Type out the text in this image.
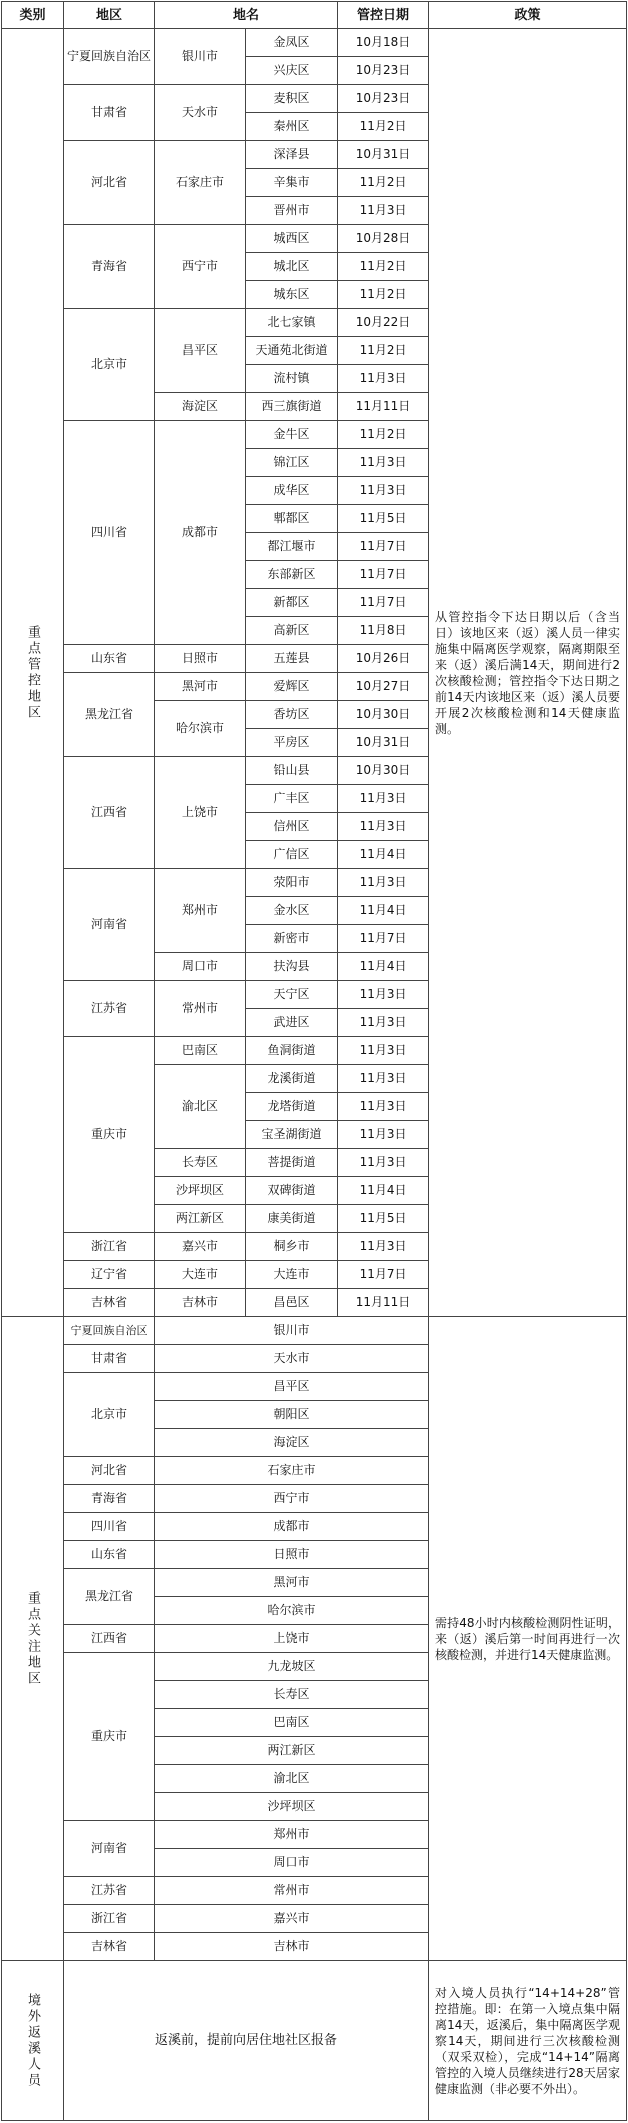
类别	地区	地名		管控日期	政策

重点管控地区	宁夏回族自治区	银川市	金凤区	10月18日	从管控指令下达日期以后（含当日）该地区来（返）溪人员一律实施集中隔离医学观察，隔离期限至来（返）溪后满14天，期间进行2次核酸检测；管控指令下达日期之前14天内该地区来（返）溪人员要开展2次核酸检测和14天健康监测。
			兴庆区	10月23日	
	甘肃省	天水市	麦积区	10月23日	
			秦州区	11月2日	
	河北省	石家庄市	深泽县	10月31日	
			辛集市	11月2日	
			晋州市	11月3日	
	青海省	西宁市	城西区	10月28日	
			城北区	11月2日	
			城东区	11月2日	
	北京市	昌平区	北七家镇	10月22日	
			天通苑北街道	11月2日	
			流村镇	11月3日	
		海淀区	西三旗街道	11月11日	
	四川省	成都市	金牛区	11月2日	
			锦江区	11月3日	
			成华区	11月3日	
			郫都区	11月5日	
			都江堰市	11月7日	
			东部新区	11月7日	
			新都区	11月7日	
			高新区	11月8日	
	山东省	日照市	五莲县	10月26日	
	黑龙江省	黑河市	爱辉区	10月27日	
		哈尔滨市	香坊区	10月30日	
			平房区	10月31日	
	江西省	上饶市	铅山县	10月30日	
			广丰区	11月3日	
			信州区	11月3日	
			广信区	11月4日	
	河南省	郑州市	荥阳市	11月3日	
			金水区	11月4日	
			新密市	11月7日	
		周口市	扶沟县	11月4日	
	江苏省	常州市	天宁区	11月3日	
			武进区	11月3日	
	重庆市	巴南区	鱼洞街道	11月3日	
		渝北区	龙溪街道	11月3日	
			龙塔街道	11月3日	
			宝圣湖街道	11月3日	
		长寿区	菩提街道	11月3日	
		沙坪坝区	双碑街道	11月4日	
		两江新区	康美街道	11月5日	
	浙江省	嘉兴市	桐乡市	11月3日	
	辽宁省	大连市	大连市	11月7日	
	吉林省	吉林市	昌邑区	11月11日	

重点关注地区	宁夏回族自治区	银川市			需持48小时内核酸检测阴性证明，来（返）溪后第一时间再进行一次核酸检测，并进行14天健康监测。
	甘肃省	天水市			
	北京市	昌平区			
		朝阳区			
		海淀区			
	河北省	石家庄市			
	青海省	西宁市			
	四川省	成都市			
	山东省	日照市			
	黑龙江省	黑河市			
		哈尔滨市			
	江西省	上饶市			
	重庆市	九龙坡区			
		长寿区			
		巴南区			
		两江新区			
		渝北区			
		沙坪坝区			
	河南省	郑州市			
		周口市			
	江苏省	常州市			
	浙江省	嘉兴市			
	吉林省	吉林市			

境外返溪人员	返溪前，提前向居住地社区报备				对入境人员执行“14+14+28”管控措施。即：在第一入境点集中隔离14天，返溪后，集中隔离医学观察14天，期间进行三次核酸检测（双采双检），完成“14+14”隔离管控的入境人员继续进行28天居家健康监测（非必要不外出）。
